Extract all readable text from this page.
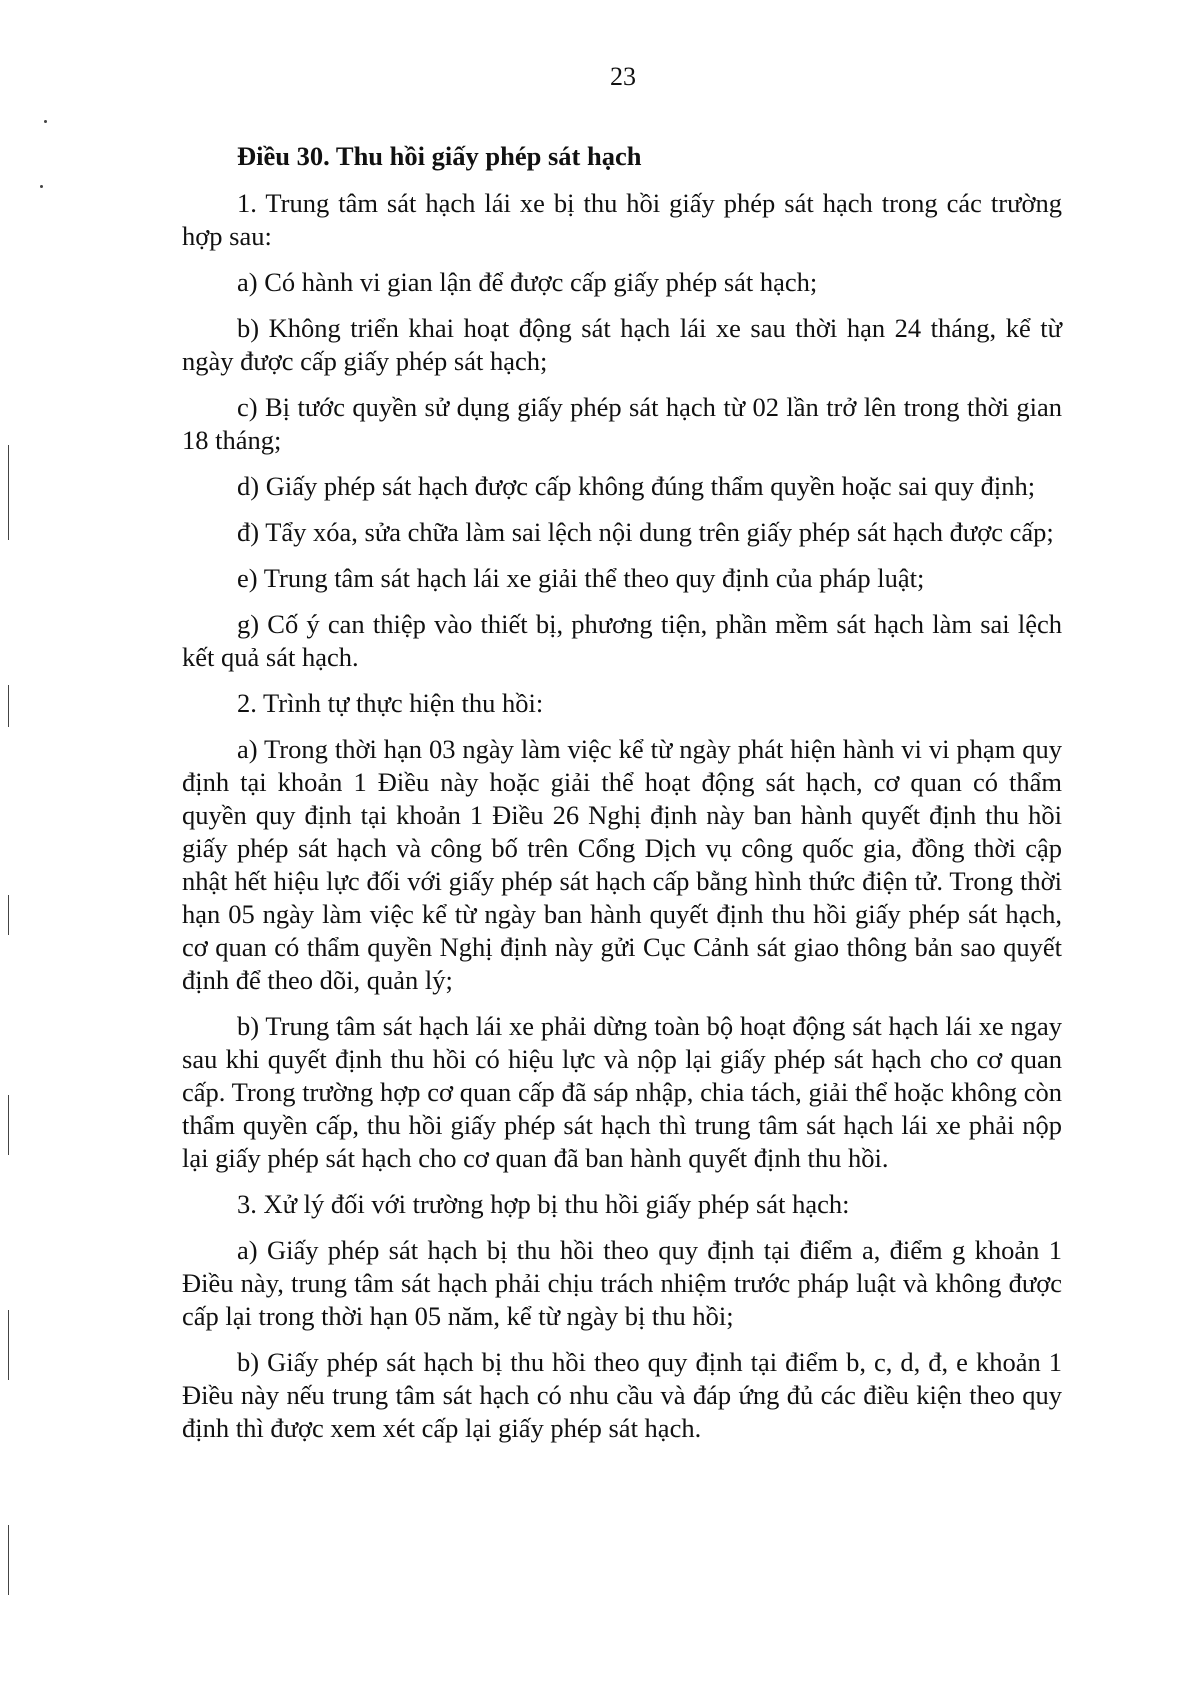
23

Điều 30. Thu hồi giấy phép sát hạch

1. Trung tâm sát hạch lái xe bị thu hồi giấy phép sát hạch trong các trường hợp sau:

a) Có hành vi gian lận để được cấp giấy phép sát hạch;

b) Không triển khai hoạt động sát hạch lái xe sau thời hạn 24 tháng, kể từ ngày được cấp giấy phép sát hạch;

c) Bị tước quyền sử dụng giấy phép sát hạch từ 02 lần trở lên trong thời gian 18 tháng;

d) Giấy phép sát hạch được cấp không đúng thẩm quyền hoặc sai quy định;

đ) Tẩy xóa, sửa chữa làm sai lệch nội dung trên giấy phép sát hạch được cấp;

e) Trung tâm sát hạch lái xe giải thể theo quy định của pháp luật;

g) Cố ý can thiệp vào thiết bị, phương tiện, phần mềm sát hạch làm sai lệch kết quả sát hạch.

2. Trình tự thực hiện thu hồi:

a) Trong thời hạn 03 ngày làm việc kể từ ngày phát hiện hành vi vi phạm quy định tại khoản 1 Điều này hoặc giải thể hoạt động sát hạch, cơ quan có thẩm quyền quy định tại khoản 1 Điều 26 Nghị định này ban hành quyết định thu hồi giấy phép sát hạch và công bố trên Cổng Dịch vụ công quốc gia, đồng thời cập nhật hết hiệu lực đối với giấy phép sát hạch cấp bằng hình thức điện tử. Trong thời hạn 05 ngày làm việc kể từ ngày ban hành quyết định thu hồi giấy phép sát hạch, cơ quan có thẩm quyền Nghị định này gửi Cục Cảnh sát giao thông bản sao quyết định để theo dõi, quản lý;

b) Trung tâm sát hạch lái xe phải dừng toàn bộ hoạt động sát hạch lái xe ngay sau khi quyết định thu hồi có hiệu lực và nộp lại giấy phép sát hạch cho cơ quan cấp. Trong trường hợp cơ quan cấp đã sáp nhập, chia tách, giải thể hoặc không còn thẩm quyền cấp, thu hồi giấy phép sát hạch thì trung tâm sát hạch lái xe phải nộp lại giấy phép sát hạch cho cơ quan đã ban hành quyết định thu hồi.

3. Xử lý đối với trường hợp bị thu hồi giấy phép sát hạch:

a) Giấy phép sát hạch bị thu hồi theo quy định tại điểm a, điểm g khoản 1 Điều này, trung tâm sát hạch phải chịu trách nhiệm trước pháp luật và không được cấp lại trong thời hạn 05 năm, kể từ ngày bị thu hồi;

b) Giấy phép sát hạch bị thu hồi theo quy định tại điểm b, c, d, đ, e khoản 1 Điều này nếu trung tâm sát hạch có nhu cầu và đáp ứng đủ các điều kiện theo quy định thì được xem xét cấp lại giấy phép sát hạch.
